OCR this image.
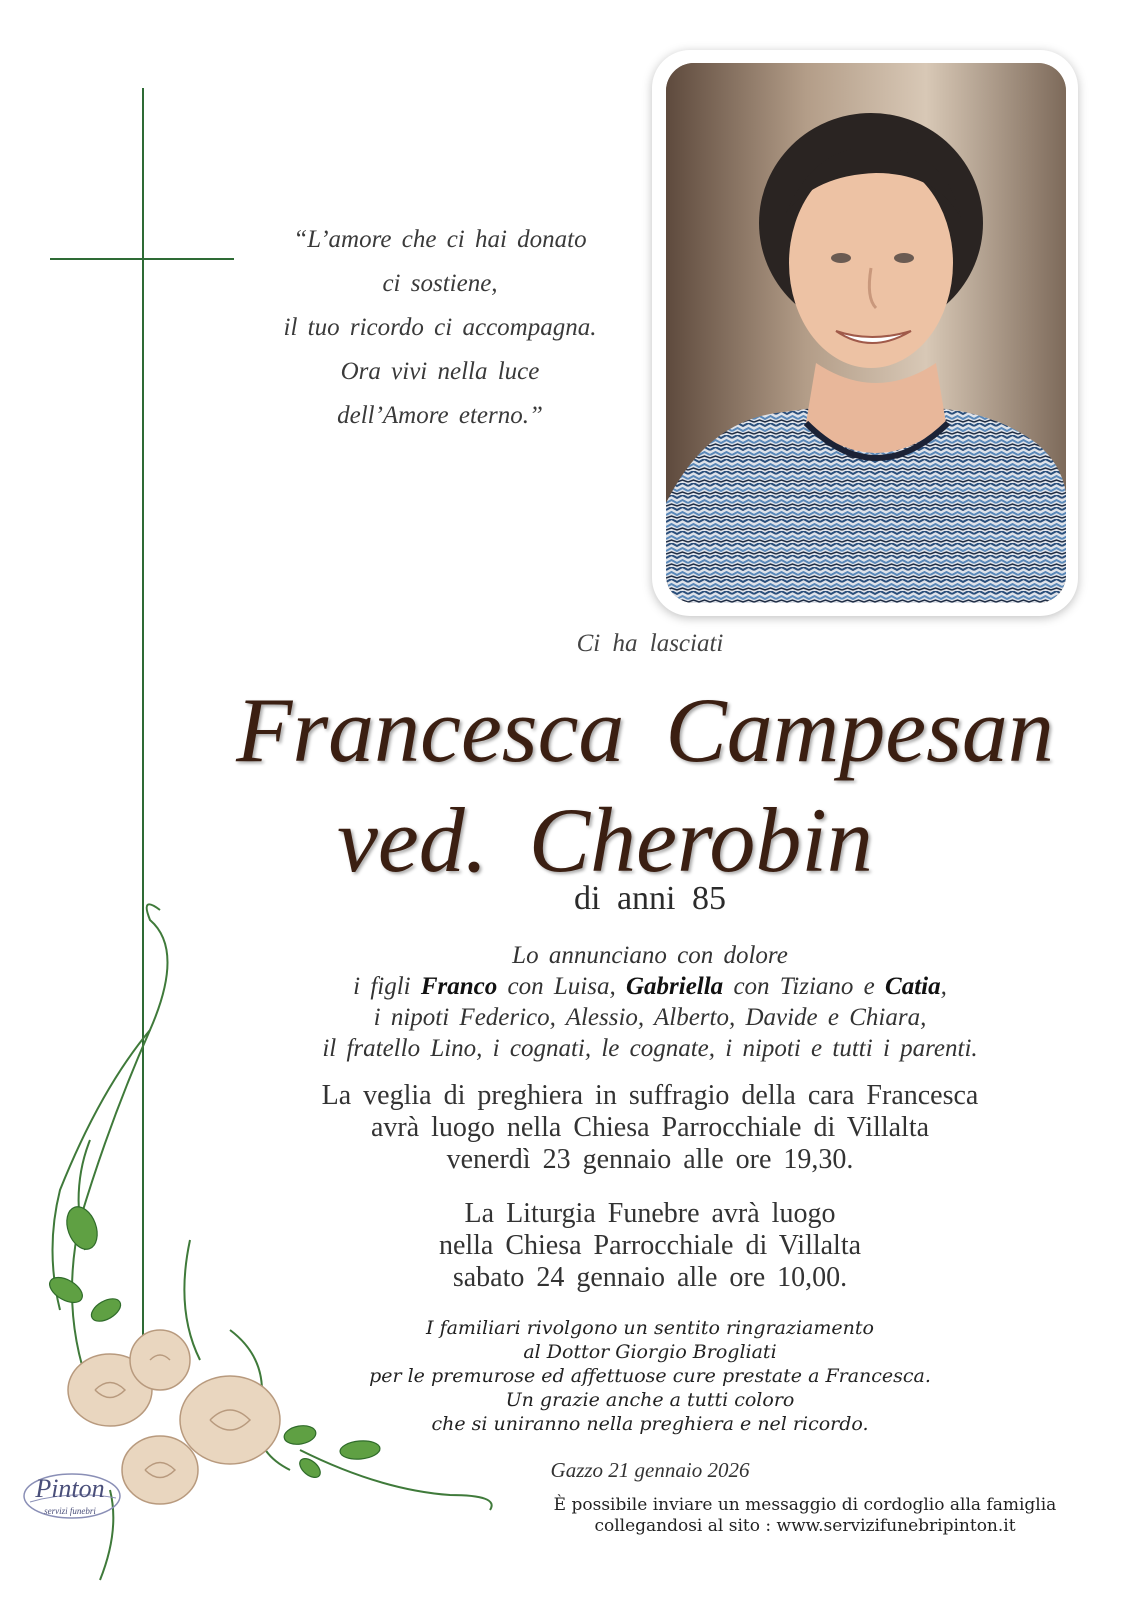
“L’amore che ci hai donato
ci sostiene,
il tuo ricordo ci accompagna.
Ora vivi nella luce
dell’Amore eterno.”
Ci ha lasciati
Francesca Campesan
ved. Cherobin
di anni 85
Lo annunciano con dolore
i figli Franco con Luisa, Gabriella con Tiziano e Catia,
i nipoti Federico, Alessio, Alberto, Davide e Chiara,
il fratello Lino, i cognati, le cognate, i nipoti e tutti i parenti.
La veglia di preghiera in suffragio della cara Francesca
avrà luogo nella Chiesa Parrocchiale di Villalta
venerdì 23 gennaio alle ore 19,30.
La Liturgia Funebre avrà luogo
nella Chiesa Parrocchiale di Villalta
sabato 24 gennaio alle ore 10,00.
I familiari rivolgono un sentito ringraziamento
al Dottor Giorgio Brogliati
per le premurose ed affettuose cure prestate a Francesca.
Un grazie anche a tutti coloro
che si uniranno nella preghiera e nel ricordo.
Gazzo 21 gennaio 2026
Pinton
servizi funebri	È possibile inviare un messaggio di cordoglio alla famiglia
collegandosi al sito : www.servizifunebripinton.it
